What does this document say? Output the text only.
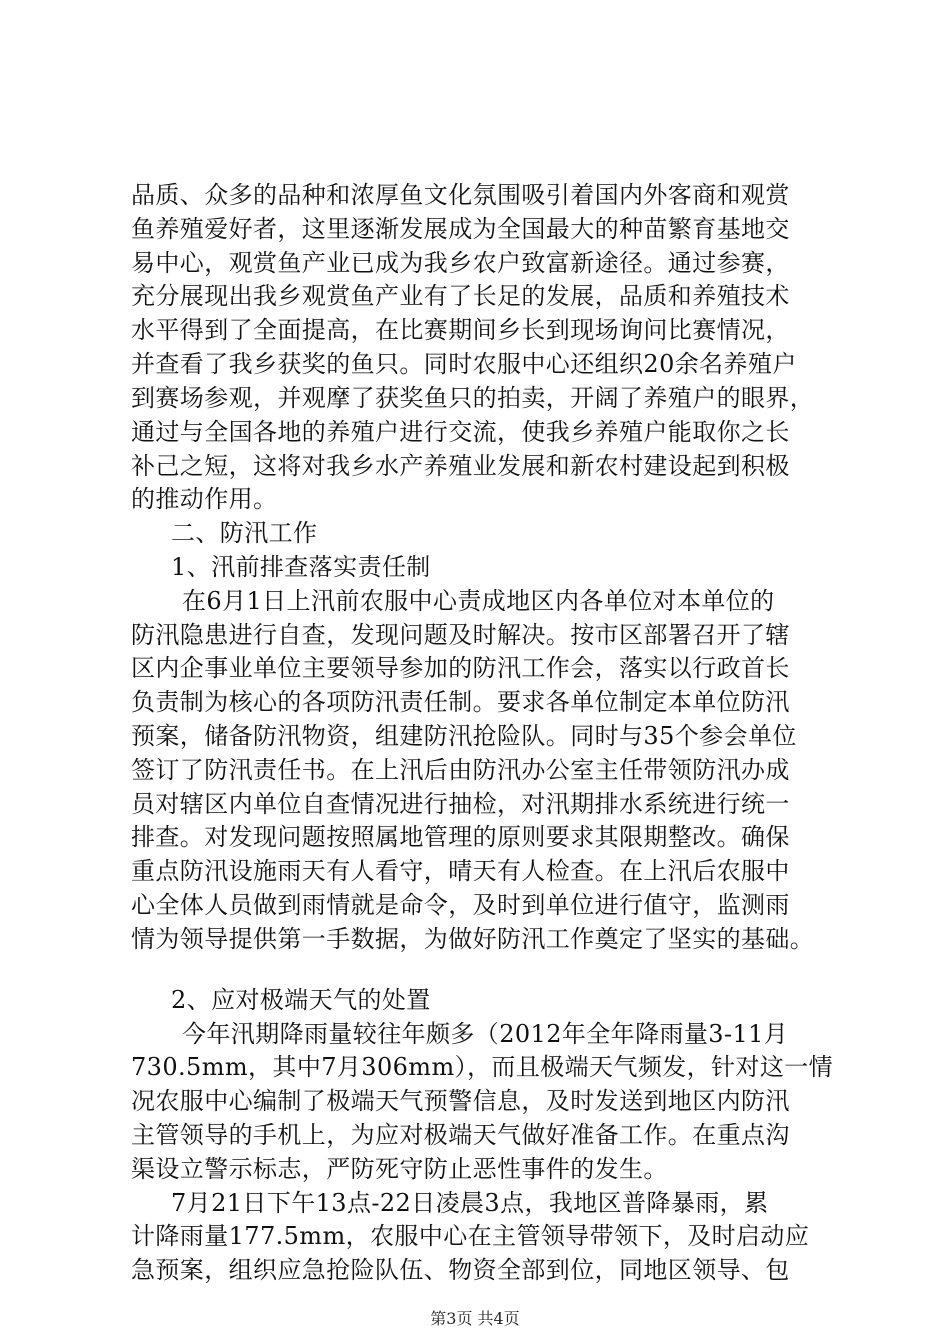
品质、众多的品种和浓厚鱼文化氛围吸引着国内外客商和观赏
鱼养殖爱好者，这里逐渐发展成为全国最大的种苗繁育基地交
易中心，观赏鱼产业已成为我乡农户致富新途径。通过参赛，
充分展现出我乡观赏鱼产业有了长足的发展，品质和养殖技术
水平得到了全面提高，在比赛期间乡长到现场询问比赛情况，
并查看了我乡获奖的鱼只。同时农服中心还组织20余名养殖户
到赛场参观，并观摩了获奖鱼只的拍卖，开阔了养殖户的眼界，
通过与全国各地的养殖户进行交流，使我乡养殖户能取你之长
补己之短，这将对我乡水产养殖业发展和新农村建设起到积极
的推动作用。
二、防汛工作
1、汛前排查落实责任制
在6月1日上汛前农服中心责成地区内各单位对本单位的
防汛隐患进行自查，发现问题及时解决。按市区部署召开了辖
区内企事业单位主要领导参加的防汛工作会，落实以行政首长
负责制为核心的各项防汛责任制。要求各单位制定本单位防汛
预案，储备防汛物资，组建防汛抢险队。同时与35个参会单位
签订了防汛责任书。在上汛后由防汛办公室主任带领防汛办成
员对辖区内单位自查情况进行抽检，对汛期排水系统进行统一
排查。对发现问题按照属地管理的原则要求其限期整改。确保
重点防汛设施雨天有人看守，晴天有人检查。在上汛后农服中
心全体人员做到雨情就是命令，及时到单位进行值守，监测雨
情为领导提供第一手数据，为做好防汛工作奠定了坚实的基础。
2、应对极端天气的处置
今年汛期降雨量较往年颇多（2012年全年降雨量3-11月
730.5mm，其中7月306mm），而且极端天气频发，针对这一情
况农服中心编制了极端天气预警信息，及时发送到地区内防汛
主管领导的手机上，为应对极端天气做好准备工作。在重点沟
渠设立警示标志，严防死守防止恶性事件的发生。
7月21日下午13点-22日凌晨3点，我地区普降暴雨，累
计降雨量177.5mm，农服中心在主管领导带领下，及时启动应
急预案，组织应急抢险队伍、物资全部到位，同地区领导、包
第3页 共4页
